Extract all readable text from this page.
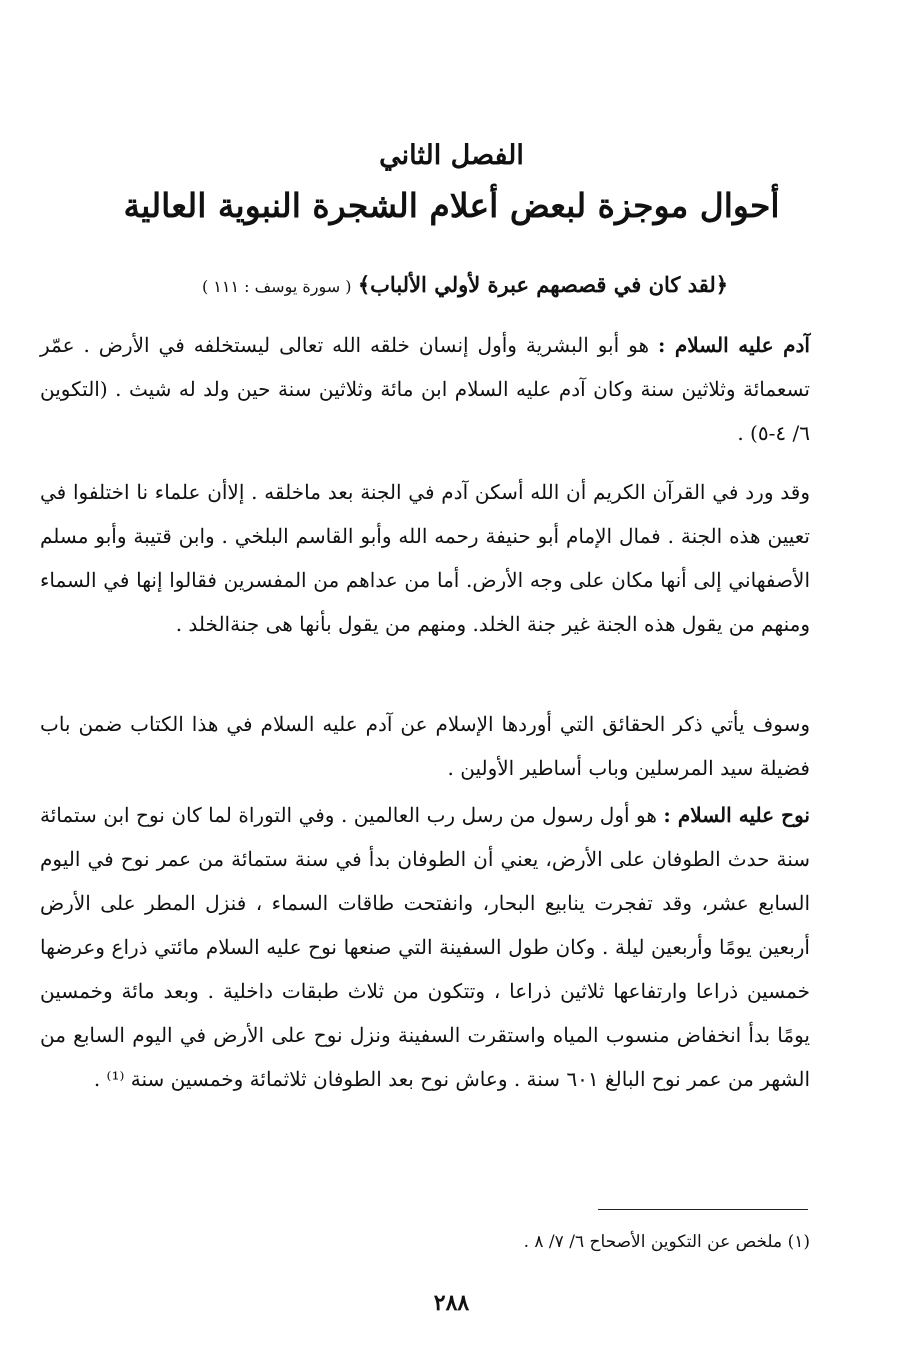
الفصل الثاني
أحوال موجزة لبعض أعلام الشجرة النبوية العالية
﴿لقد كان في قصصهم عبرة لأولي الألباب﴾ ( سورة يوسف : ١١١ )
آدم عليه السلام : هو أبو البشرية وأول إنسان خلقه الله تعالى ليستخلفه في الأرض . عمّر تسعمائة وثلاثين سنة وكان آدم عليه السلام ابن مائة وثلاثين سنة حين ولد له شيث . (التكوين ٦/ ٤-٥) .
وقد ورد في القرآن الكريم أن الله أسكن آدم في الجنة بعد ماخلقه . إلاأن علماء نا اختلفوا في تعيين هذه الجنة . فمال الإمام أبو حنيفة رحمه الله وأبو القاسم البلخي . وابن قتيبة وأبو مسلم الأصفهاني إلى أنها مكان على وجه الأرض. أما من عداهم من المفسرين فقالوا إنها في السماء ومنهم من يقول هذه الجنة غير جنة الخلد. ومنهم من يقول بأنها هى جنةالخلد .
وسوف يأتي ذكر الحقائق التي أوردها الإسلام عن آدم عليه السلام في هذا الكتاب ضمن باب فضيلة سيد المرسلين وباب أساطير الأولين .
نوح عليه السلام : هو أول رسول من رسل رب العالمين . وفي التوراة لما كان نوح ابن ستمائة سنة حدث الطوفان على الأرض، يعني أن الطوفان بدأ في سنة ستمائة من عمر نوح في اليوم السابع عشر، وقد تفجرت ينابيع البحار، وانفتحت طاقات السماء ، فنزل المطر على الأرض أربعين يومًا وأربعين ليلة . وكان طول السفينة التي صنعها نوح عليه السلام مائتي ذراع وعرضها خمسين ذراعا وارتفاعها ثلاثين ذراعا ، وتتكون من ثلاث طبقات داخلية . وبعد مائة وخمسين يومًا بدأ انخفاض منسوب المياه واستقرت السفينة ونزل نوح على الأرض في اليوم السابع من الشهر من عمر نوح البالغ ٦٠١ سنة . وعاش نوح بعد الطوفان ثلاثمائة وخمسين سنة ⁽¹⁾ .
(١) ملخص عن التكوين الأصحاح ٦/ ٧/ ٨ .
٢٨٨
